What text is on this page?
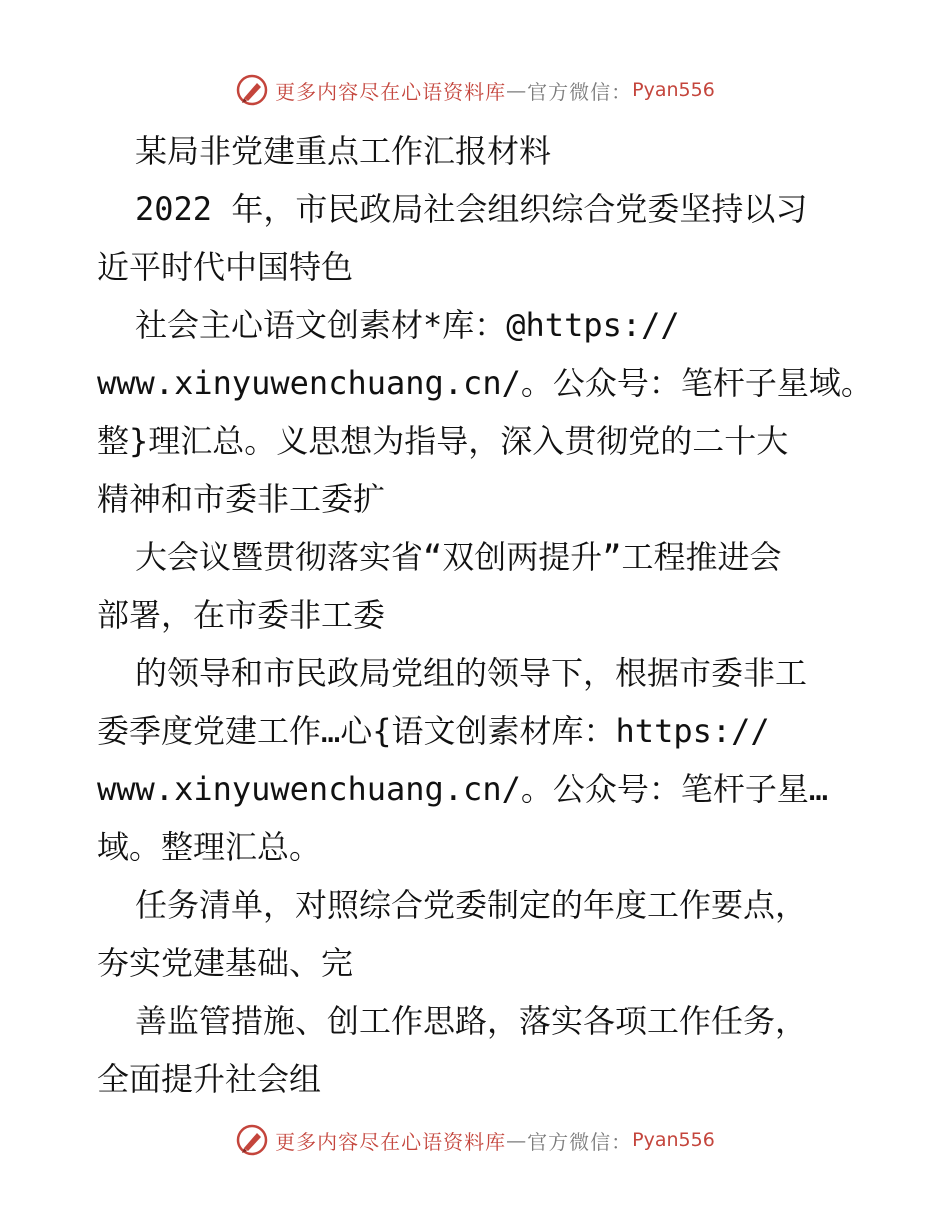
更多内容尽在心语资料库 — 官方微信： Pyan556
某局非党建重点工作汇报材料
2022 年，市民政局社会组织综合党委坚持以习
近平时代中国特色
社会主心语文创素材*库：@https://
www.xinyuwenchuang.cn/。公众号：笔杆子星域。
整}理汇总。义思想为指导，深入贯彻党的二十大
精神和市委非工委扩
大会议暨贯彻落实省“双创两提升”工程推进会
部署，在市委非工委
的领导和市民政局党组的领导下，根据市委非工
委季度党建工作…心{语文创素材库：https://
www.xinyuwenchuang.cn/。公众号：笔杆子星…
域。整理汇总。
任务清单，对照综合党委制定的年度工作要点，
夯实党建基础、完
善监管措施、创工作思路，落实各项工作任务，
全面提升社会组
更多内容尽在心语资料库 — 官方微信： Pyan556
